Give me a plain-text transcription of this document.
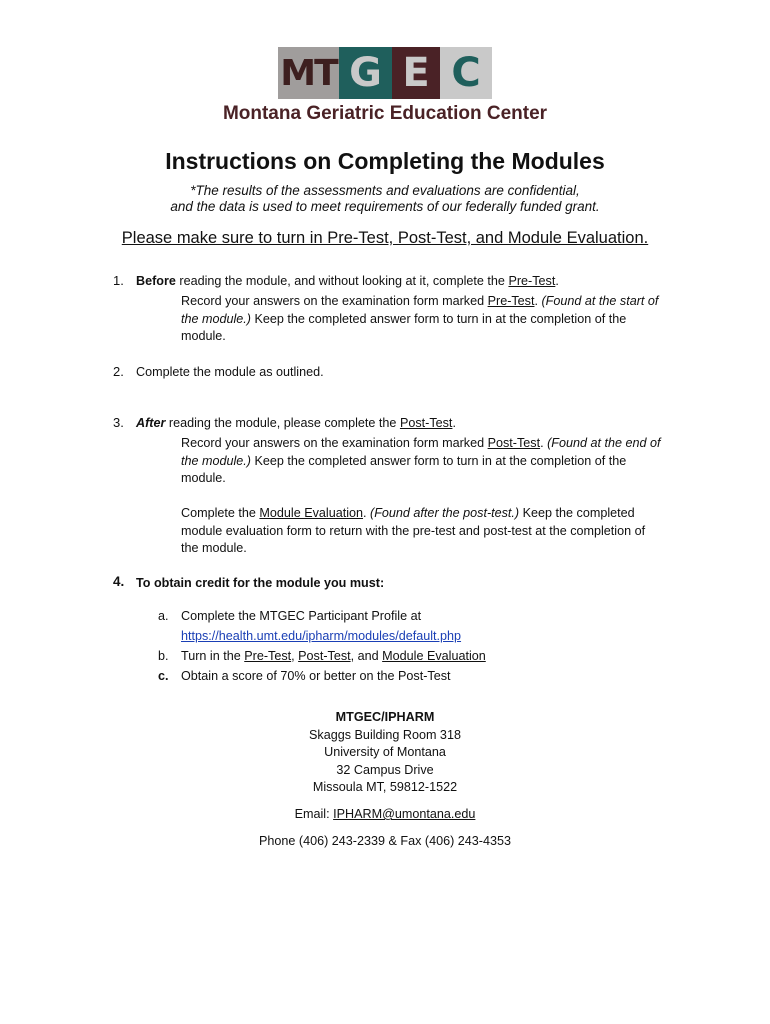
MT G E C
Montana Geriatric Education Center
Instructions on Completing the Modules
*The results of the assessments and evaluations are confidential,
and the data is used to meet requirements of our federally funded grant.
Please make sure to turn in Pre-Test, Post-Test, and Module Evaluation.
1. Before reading the module, and without looking at it, complete the Pre-Test.
Record your answers on the examination form marked Pre-Test. (Found at the start of
the module.) Keep the completed answer form to turn in at the completion of the
module.
2. Complete the module as outlined.
3. After reading the module, please complete the Post-Test.
Record your answers on the examination form marked Post-Test. (Found at the end of
the module.) Keep the completed answer form to turn in at the completion of the
module.
Complete the Module Evaluation. (Found after the post-test.) Keep the completed
module evaluation form to return with the pre-test and post-test at the completion of
the module.
4. To obtain credit for the module you must:
a. Complete the MTGEC Participant Profile at
https://health.umt.edu/ipharm/modules/default.php
b. Turn in the Pre-Test, Post-Test, and Module Evaluation
c. Obtain a score of 70% or better on the Post-Test
MTGEC/IPHARM
Skaggs Building Room 318
University of Montana
32 Campus Drive
Missoula MT, 59812-1522
Email: IPHARM@umontana.edu
Phone (406) 243-2339 & Fax (406) 243-4353
